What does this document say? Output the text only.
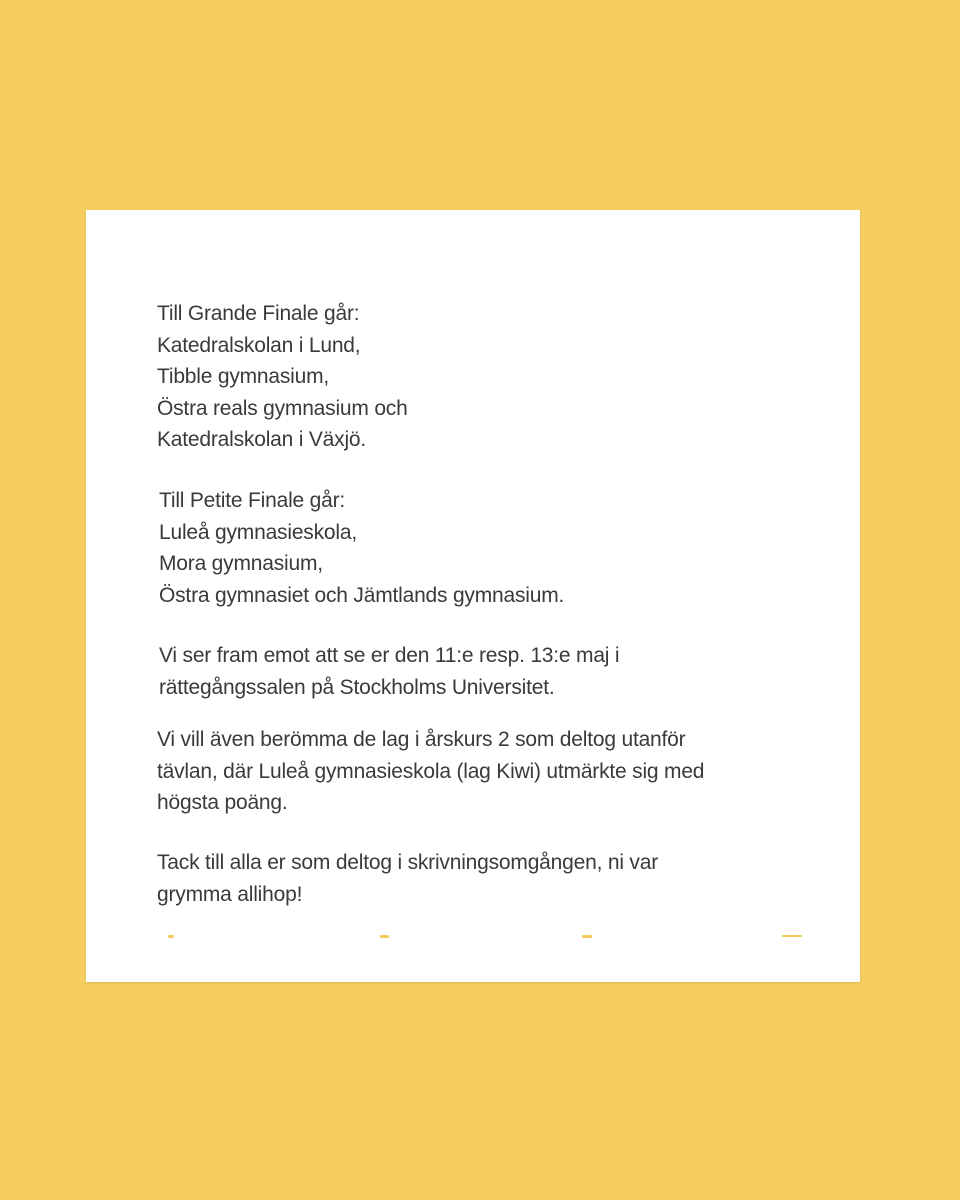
Till Grande Finale går:
Katedralskolan i Lund,
Tibble gymnasium,
Östra reals gymnasium och
Katedralskolan i Växjö.

Till Petite Finale går:
Luleå gymnasieskola,
Mora gymnasium,
Östra gymnasiet och Jämtlands gymnasium.

Vi ser fram emot att se er den 11:e resp. 13:e maj i
rättegångssalen på Stockholms Universitet.

Vi vill även berömma de lag i årskurs 2 som deltog utanför
tävlan, där Luleå gymnasieskola (lag Kiwi) utmärkte sig med
högsta poäng.

Tack till alla er som deltog i skrivningsomgången, ni var
grymma allihop!
